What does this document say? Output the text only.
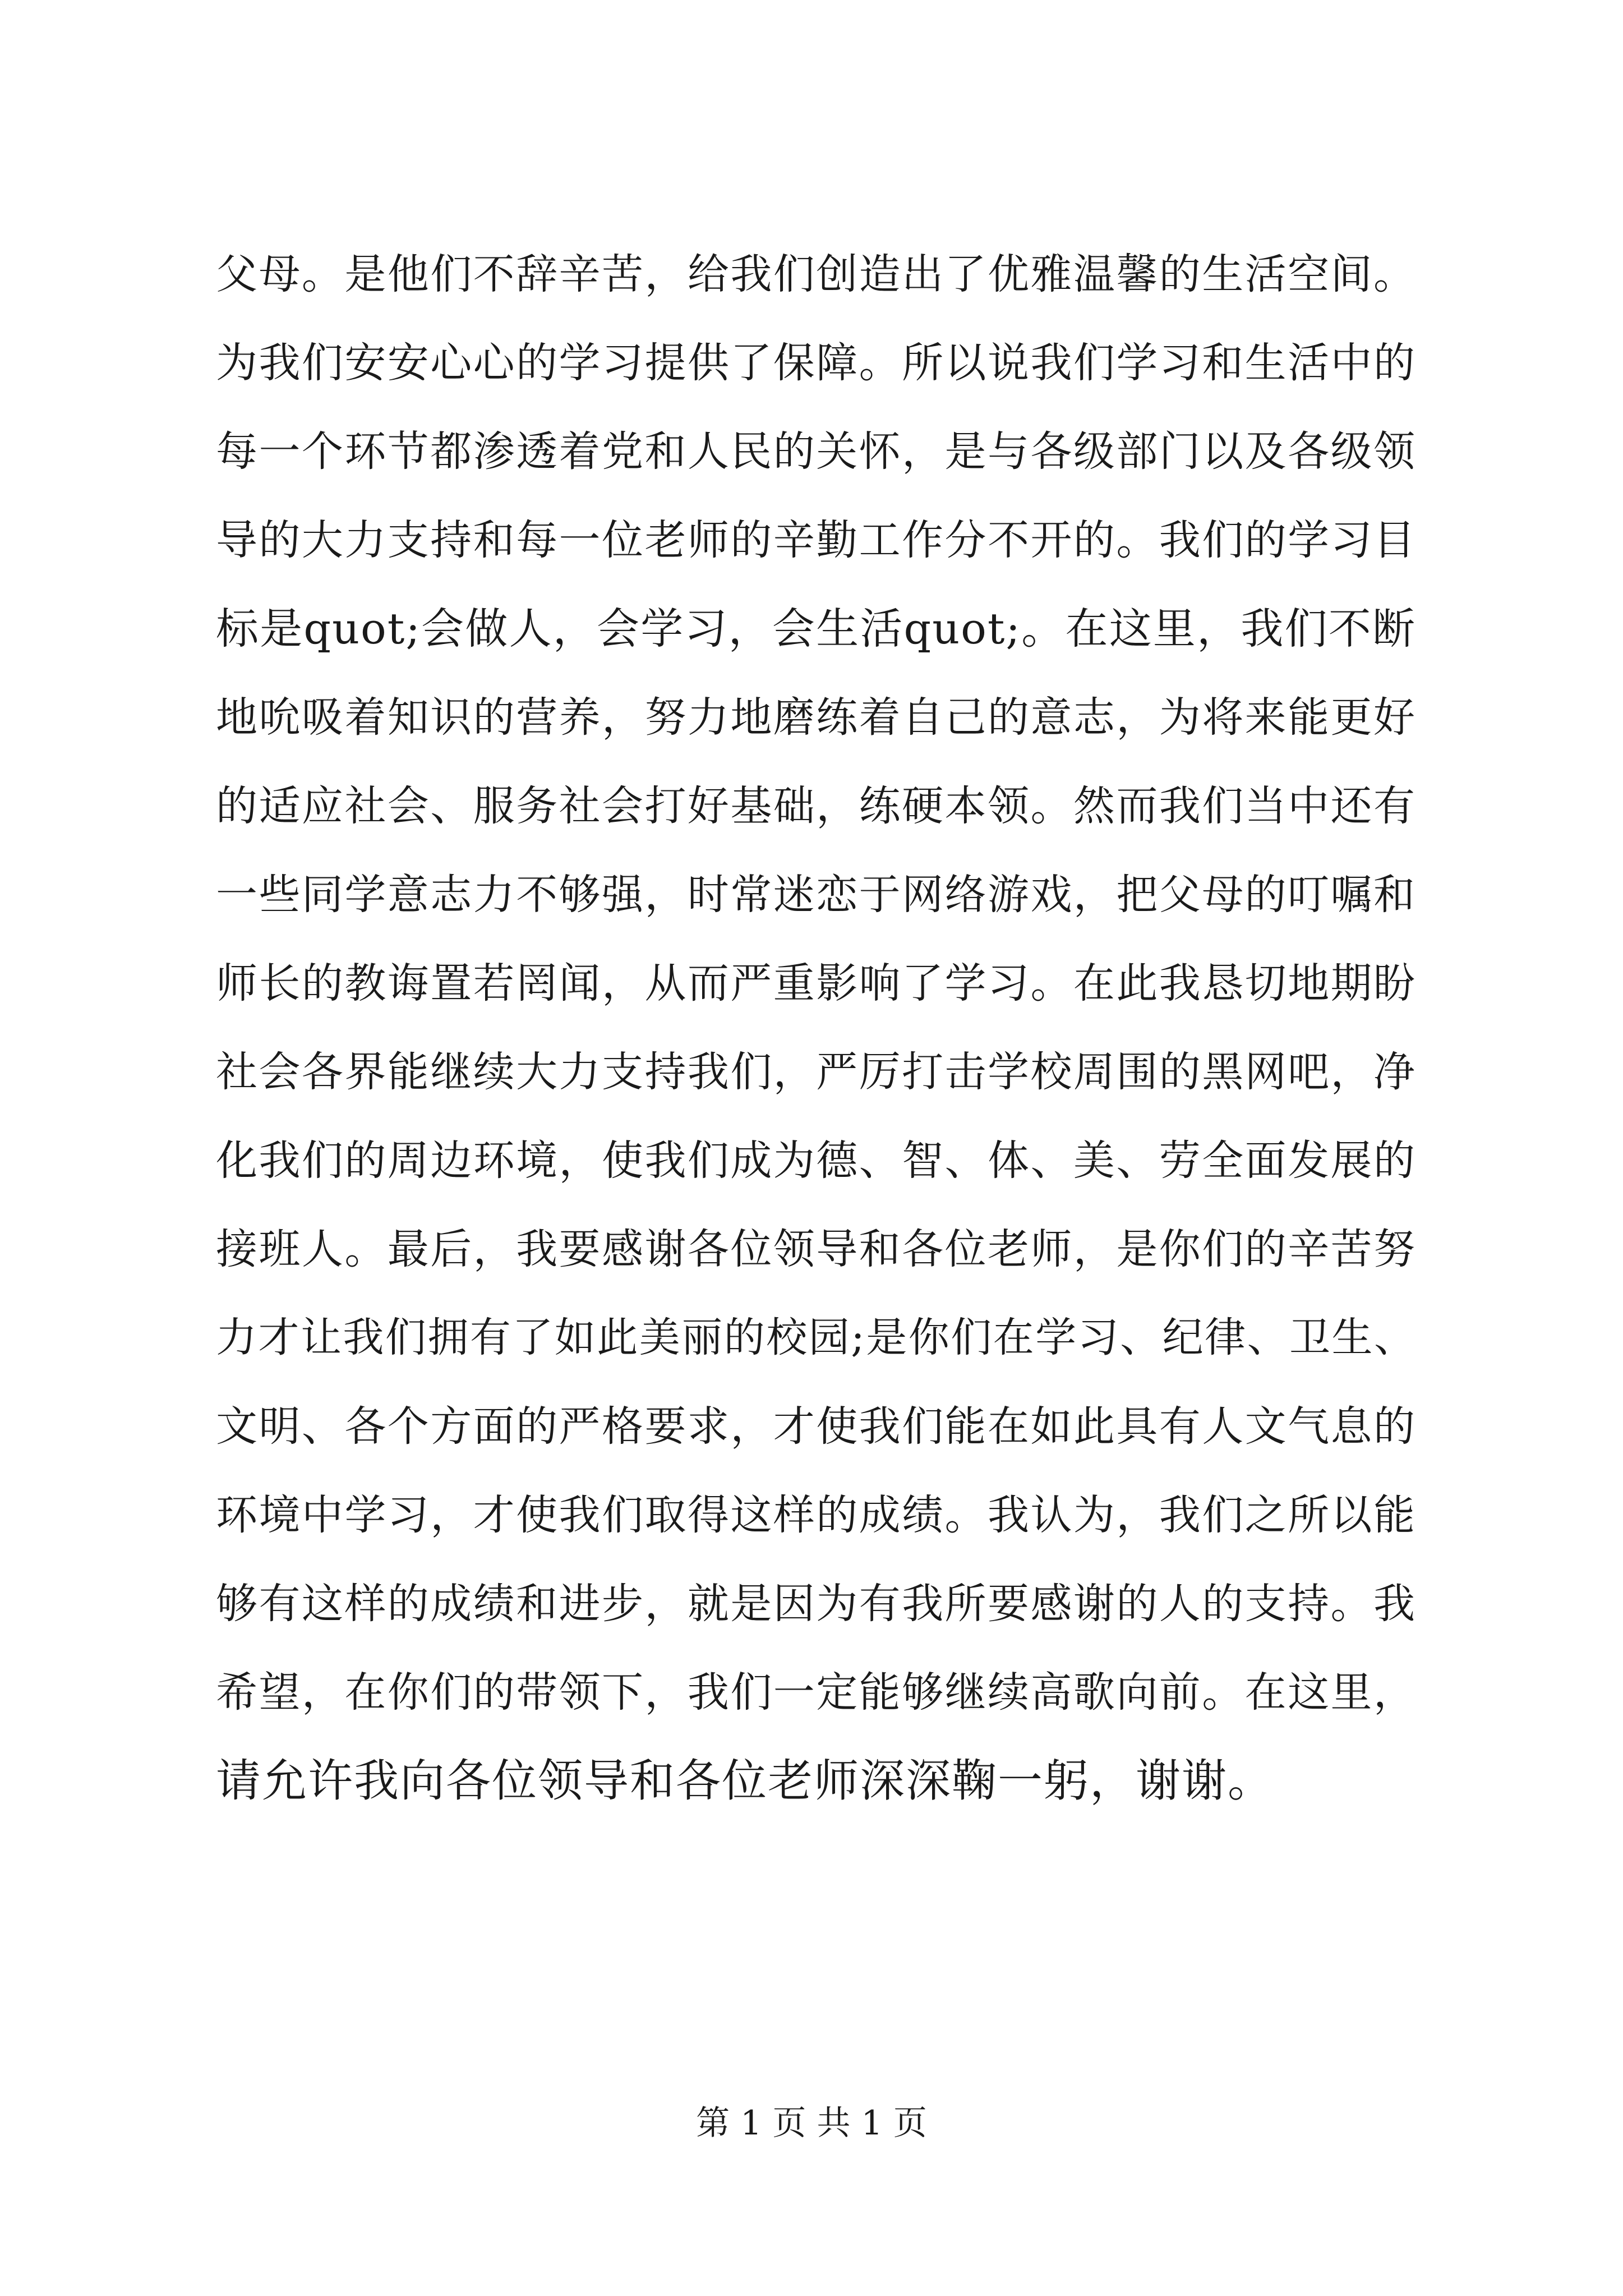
父母。是他们不辞辛苦，给我们创造出了优雅温馨的生活空间。
为我们安安心心的学习提供了保障。所以说我们学习和生活中的
每一个环节都渗透着党和人民的关怀，是与各级部门以及各级领
导的大力支持和每一位老师的辛勤工作分不开的。我们的学习目
标是quot;会做人，会学习，会生活quot;。在这里，我们不断
地吮吸着知识的营养，努力地磨练着自己的意志，为将来能更好
的适应社会、服务社会打好基础，练硬本领。然而我们当中还有
一些同学意志力不够强，时常迷恋于网络游戏，把父母的叮嘱和
师长的教诲置若罔闻，从而严重影响了学习。在此我恳切地期盼
社会各界能继续大力支持我们，严厉打击学校周围的黑网吧，净
化我们的周边环境，使我们成为德、智、体、美、劳全面发展的
接班人。最后，我要感谢各位领导和各位老师，是你们的辛苦努
力才让我们拥有了如此美丽的校园;是你们在学习、纪律、卫生、
文明、各个方面的严格要求，才使我们能在如此具有人文气息的
环境中学习，才使我们取得这样的成绩。我认为，我们之所以能
够有这样的成绩和进步，就是因为有我所要感谢的人的支持。我
希望，在你们的带领下，我们一定能够继续高歌向前。在这里，
请允许我向各位领导和各位老师深深鞠一躬，谢谢。
第 1 页 共 1 页
